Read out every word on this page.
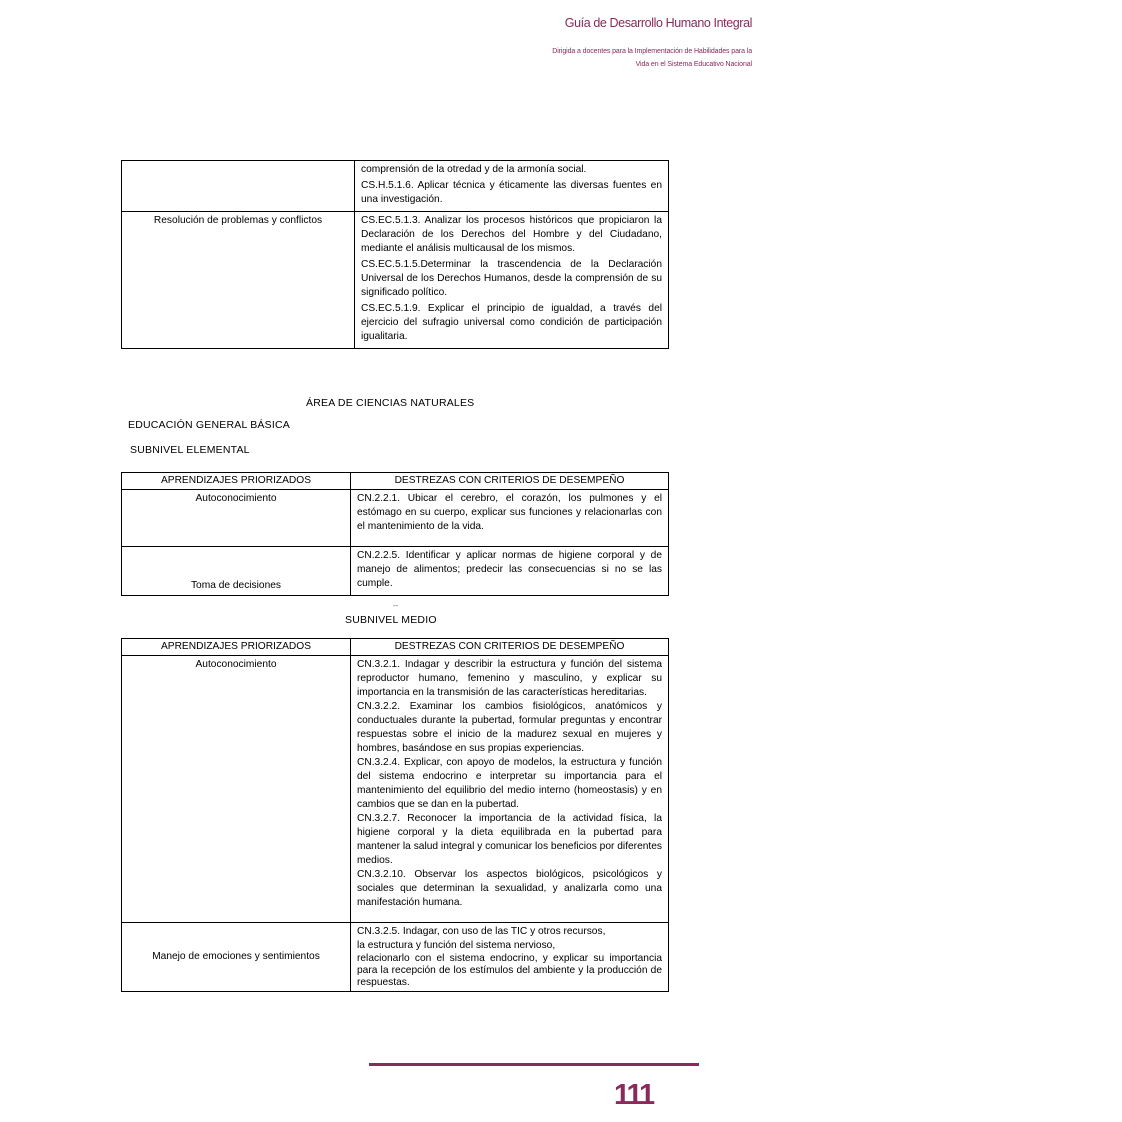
Guía de Desarrollo Humano Integral
Dirigida a docentes para la Implementación de Habilidades para la
Vida en el Sistema Educativo Nacional

	comprensión de la otredad y de la armonía social.
CS.H.5.1.6. Aplicar técnica y éticamente las diversas fuentes en una investigación.

Resolución de problemas y conflictos	CS.EC.5.1.3. Analizar los procesos históricos que propiciaron la Declaración de los Derechos del Hombre y del Ciudadano, mediante el análisis multicausal de los mismos.
CS.EC.5.1.5.Determinar la trascendencia de la Declaración Universal de los Derechos Humanos, desde la comprensión de su significado político.
CS.EC.5.1.9. Explicar el principio de igualdad, a través del ejercicio del sufragio universal como condición de participación igualitaria.
ÁREA DE CIENCIAS NATURALES
EDUCACIÓN GENERAL BÁSICA
SUBNIVEL ELEMENTAL
APRENDIZAJES PRIORIZADOS	DESTREZAS CON CRITERIOS DE DESEMPEÑO
Autoconocimiento	CN.2.2.1. Ubicar el cerebro, el corazón, los pulmones y el estómago en su cuerpo, explicar sus funciones y relacionarlas con el mantenimiento de la vida.

Toma de decisiones	CN.2.2.5. Identificar y aplicar normas de higiene corporal y de manejo de alimentos; predecir las consecuencias si no se las cumple.
--
SUBNIVEL MEDIO
APRENDIZAJES PRIORIZADOS	DESTREZAS CON CRITERIOS DE DESEMPEÑO
Autoconocimiento	CN.3.2.1. Indagar y describir la estructura y función del sistema reproductor humano, femenino y masculino, y explicar su importancia en la transmisión de las características hereditarias.
CN.3.2.2. Examinar los cambios fisiológicos, anatómicos y conductuales durante la pubertad, formular preguntas y encontrar respuestas sobre el inicio de la madurez sexual en mujeres y hombres, basándose en sus propias experiencias.
CN.3.2.4. Explicar, con apoyo de modelos, la estructura y función del sistema endocrino e interpretar su importancia para el mantenimiento del equilibrio del medio interno (homeostasis) y en cambios que se dan en la pubertad.
CN.3.2.7. Reconocer la importancia de la actividad física, la higiene corporal y la dieta equilibrada en la pubertad para mantener la salud integral y comunicar los beneficios por diferentes medios.
CN.3.2.10. Observar los aspectos biológicos, psicológicos y sociales que determinan la sexualidad, y analizarla como una manifestación humana.

Manejo de emociones y sentimientos	CN.3.2.5. Indagar, con uso de las TIC y otros recursos,
la estructura y función del sistema nervioso,
relacionarlo con el sistema endocrino, y explicar su importancia para la recepción de los estímulos del ambiente y la producción de respuestas.
111
